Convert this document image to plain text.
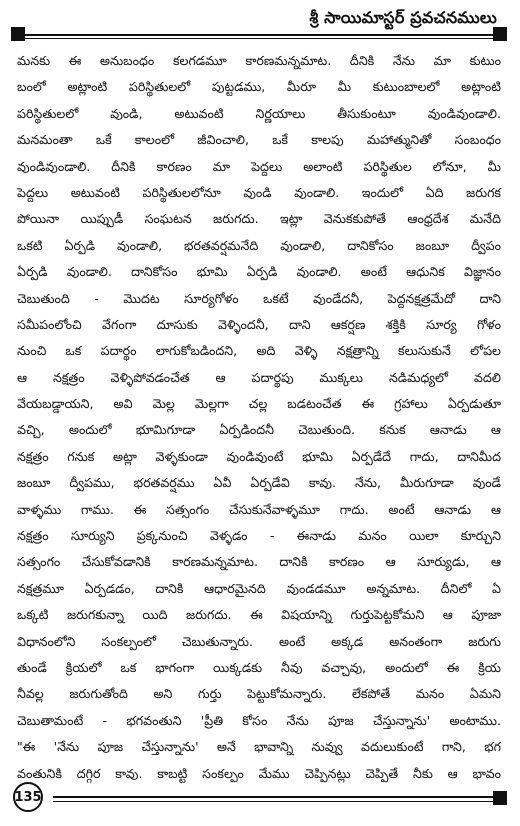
శ్రీ సాయిమాస్టర్ ప్రవచనములు
మనకు ఈ అనుబంధం కలగడమూ కారణమన్నమాట. దీనికి నేను మా కుటుం
బంలో అట్లాంటి పరిస్థితులలో పుట్టడము, మీరూ మీ కుటుంబాలలో అట్లాంటి
పరిస్థితులలో వుండి, అటువంటి నిర్ణయాలు తీసుకుంటూ వుండివుండాలి.
మనమంతా ఒకే కాలంలో జీవించాలి, ఒకే కాలపు మహాత్మునితో సంబంధం
వుండివుండాలి. దీనికి కారణం మా పెద్దలు అలాంటి పరిస్థితుల లోనూ, మీ
పెద్దలు అటువంటి పరిస్థితులలోనూ వుండి వుండాలి. ఇందులో ఏది జరుగక
పోయినా యిప్పుడీ సంఘటన జరుగదు. ఇట్లా వెనుకకుపోతే ఆంధ్రదేశ మనేది
ఒకటి ఏర్పడి వుండాలి, భరతవర్షమనేది వుండాలి, దానికోసం జంబూ ద్వీపం
ఏర్పడి వుండాలి. దానికోసం భూమి ఏర్పడి వుండాలి. అంటే ఆధునిక విజ్ఞానం
చెబుతుంది - మొదట సూర్యగోళం ఒకటే వుండేదనీ, పెద్దనక్షత్రమేదో దాని
సమీపంలోంచి వేగంగా దూసుకు వెళ్ళిందనీ, దాని ఆకర్షణ శక్తికి సూర్య గోళం
నుంచి ఒక పదార్థం లాగుకోబడిందని, అది వెళ్ళి నక్షత్రాన్ని కలుసుకునే లోపల
ఆ నక్షత్రం వెళ్ళిపోవడంచేత ఆ పదార్థపు ముక్కలు నడిమధ్యలో వదలి
వేయబడ్డాయని, అవి మెల్ల మెల్లగా చల్ల బడటంచేత ఈ గ్రహాలు ఏర్పడుతూ
వచ్చి, అందులో భూమిగూడా ఏర్పడిందనీ చెబుతుంది. కనుక ఆనాడు ఆ
నక్షత్రం గనుక అట్లా వెళ్ళకుండా వుండివుంటే భూమి ఏర్పడేదే గాదు, దానిమీద
జంబూ ద్వీపము, భరతవర్షము ఏవీ ఏర్పడేవి కావు. నేను, మీరుగూడా వుండే
వాళ్ళము గాము. ఈ సత్సంగం చేసుకునేవాళ్ళమూ గాదు. అంటే ఆనాడు ఆ
నక్షత్రం సూర్యుని ప్రక్కనుంచి వెళ్ళడం - ఈనాడు మనం యిలా కూర్చుని
సత్సంగం చేసుకోవడానికి కారణమన్నమాట. దానికి కారణం ఆ సూర్యుడు, ఆ
నక్షత్రమూ ఏర్పడడం, దానికి ఆధారమైనది వుండడమూ అన్నమాట. దీనిలో ఏ
ఒక్కటి జరుగకున్నా యిది జరుగదు. ఈ విషయాన్ని గుర్తుపెట్టకోమని ఆ పూజా
విధానంలోని సంకల్పంలో చెబుతున్నారు. అంటే అక్కడ అనంతంగా జరుగు
తుండే క్రియలో ఒక భాగంగా యిక్కడకు నీవు వచ్చావు, అందులో ఈ క్రియ
నీవల్ల జరుగుతోంది అని గుర్తు పెట్టుకోమన్నారు. లేకపోతే మనం ఏమని
చెబుతామంటే - భగవంతుని 'ప్రీతి కోసం నేను పూజ చేస్తున్నాను' అంటాము.
"ఈ 'నేను పూజ చేస్తున్నాను' అనే భావాన్ని నువ్వు వదులుకుంటే గాని, భగ
వంతునికి దగ్గిర కావు. కాబట్టి సంకల్పం మేము చెప్పినట్లు చెప్పితే నీకు ఆ భావం
135
